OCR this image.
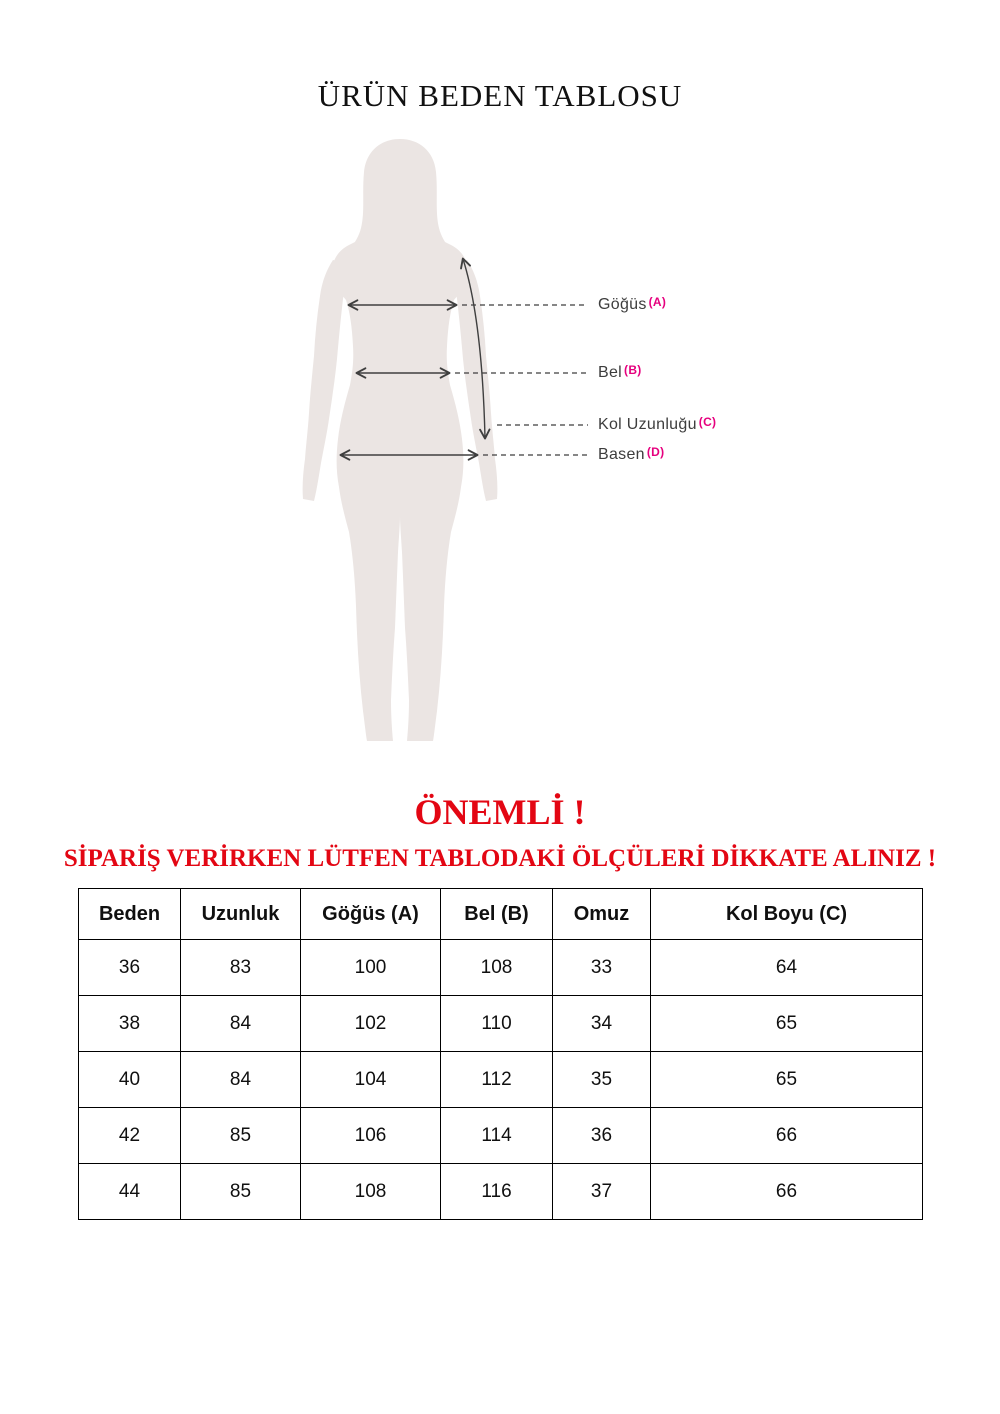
ÜRÜN BEDEN TABLOSU
Göğüs (A)
Bel (B)
Kol Uzunluğu (C)
Basen (D)
ÖNEMLİ !
SİPARİŞ VERİRKEN LÜTFEN TABLODAKİ ÖLÇÜLERİ DİKKATE ALINIZ !
Beden	Uzunluk	Göğüs (A)	Bel (B)	Omuz	Kol Boyu (C)
36	83	100	108	33	64
38	84	102	110	34	65
40	84	104	112	35	65
42	85	106	114	36	66
44	85	108	116	37	66
